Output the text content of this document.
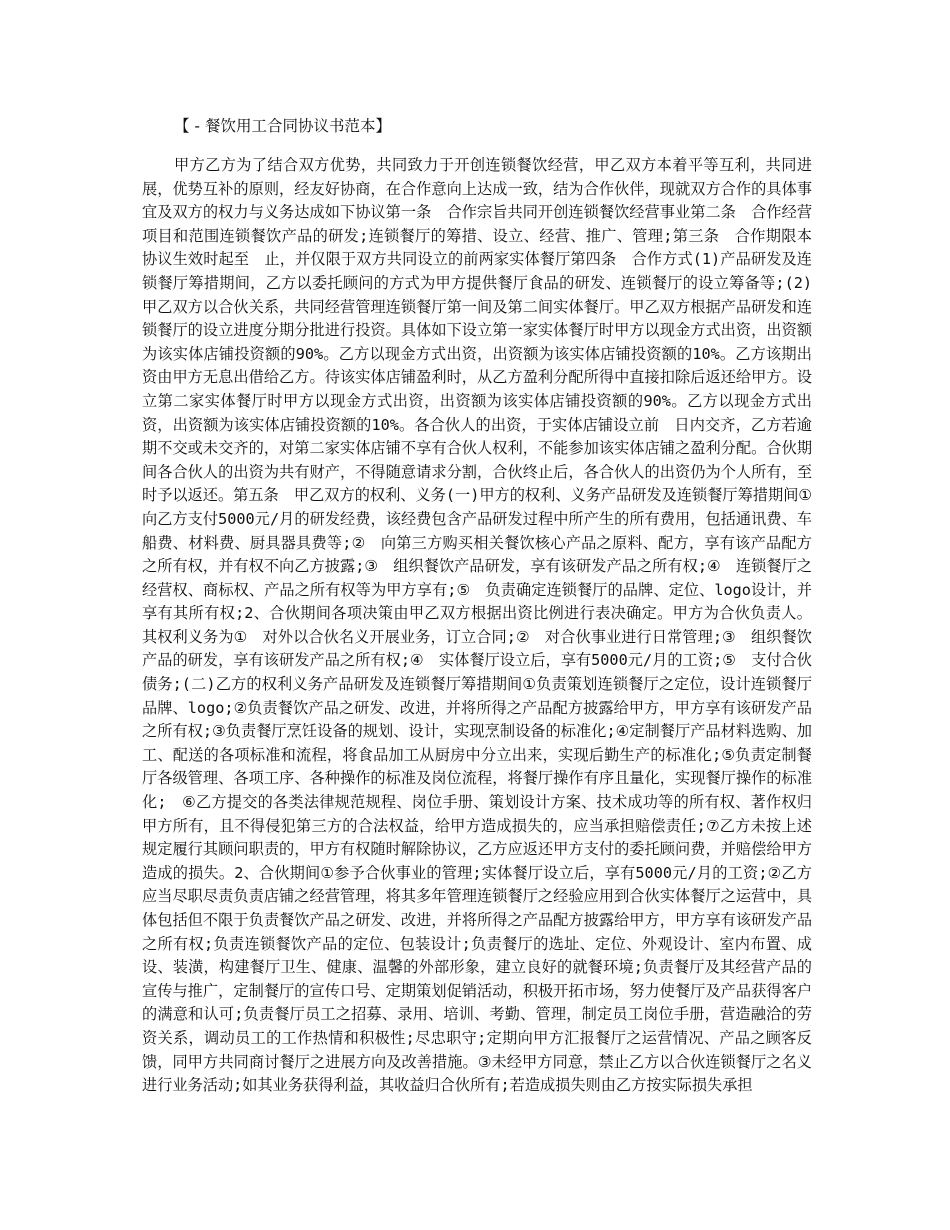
【 - 餐饮用工合同协议书范本】
甲方乙方为了结合双方优势，共同致力于开创连锁餐饮经营，甲乙双方本着平等互利，共同进展，优势互补的原则，经友好协商，在合作意向上达成一致，结为合作伙伴，现就双方合作的具体事宜及双方的权力与义务达成如下协议第一条　合作宗旨共同开创连锁餐饮经营事业第二条　合作经营项目和范围连锁餐饮产品的研发;连锁餐厅的筹措、设立、经营、推广、管理;第三条　合作期限本协议生效时起至　止，并仅限于双方共同设立的前两家实体餐厅第四条　合作方式(1)产品研发及连锁餐厅筹措期间，乙方以委托顾问的方式为甲方提供餐厅食品的研发、连锁餐厅的设立筹备等;(2)甲乙双方以合伙关系，共同经营管理连锁餐厅第一间及第二间实体餐厅。甲乙双方根据产品研发和连锁餐厅的设立进度分期分批进行投资。具体如下设立第一家实体餐厅时甲方以现金方式出资，出资额为该实体店铺投资额的90%。乙方以现金方式出资，出资额为该实体店铺投资额的10%。乙方该期出资由甲方无息出借给乙方。待该实体店铺盈利时，从乙方盈利分配所得中直接扣除后返还给甲方。设立第二家实体餐厅时甲方以现金方式出资，出资额为该实体店铺投资额的90%。乙方以现金方式出资，出资额为该实体店铺投资额的10%。各合伙人的出资，于实体店铺设立前　日内交齐，乙方若逾期不交或未交齐的，对第二家实体店铺不享有合伙人权利，不能参加该实体店铺之盈利分配。合伙期间各合伙人的出资为共有财产，不得随意请求分割，合伙终止后，各合伙人的出资仍为个人所有，至时予以返还。第五条　甲乙双方的权利、义务(一)甲方的权利、义务产品研发及连锁餐厅筹措期间①　向乙方支付5000元/月的研发经费，该经费包含产品研发过程中所产生的所有费用，包括通讯费、车船费、材料费、厨具器具费等;②　向第三方购买相关餐饮核心产品之原料、配方，享有该产品配方之所有权，并有权不向乙方披露;③　组织餐饮产品研发，享有该研发产品之所有权;④　连锁餐厅之经营权、商标权、产品之所有权等为甲方享有;⑤　负责确定连锁餐厅的品牌、定位、logo设计，并享有其所有权;2、合伙期间各项决策由甲乙双方根据出资比例进行表决确定。甲方为合伙负责人。其权利义务为①　对外以合伙名义开展业务，订立合同;②　对合伙事业进行日常管理;③　组织餐饮产品的研发，享有该研发产品之所有权;④　实体餐厅设立后，享有5000元/月的工资;⑤　支付合伙债务;(二)乙方的权利义务产品研发及连锁餐厅筹措期间①负责策划连锁餐厅之定位，设计连锁餐厅品牌、logo;②负责餐饮产品之研发、改进，并将所得之产品配方披露给甲方，甲方享有该研发产品之所有权;③负责餐厅烹饪设备的规划、设计，实现烹制设备的标准化;④定制餐厅产品材料选购、加工、配送的各项标准和流程，将食品加工从厨房中分立出来，实现后勤生产的标准化;⑤负责定制餐厅各级管理、各项工序、各种操作的标准及岗位流程，将餐厅操作有序且量化，实现餐厅操作的标准化;　⑥乙方提交的各类法律规范规程、岗位手册、策划设计方案、技术成功等的所有权、著作权归甲方所有，且不得侵犯第三方的合法权益，给甲方造成损失的，应当承担赔偿责任;⑦乙方未按上述规定履行其顾问职责的，甲方有权随时解除协议，乙方应返还甲方支付的委托顾问费，并赔偿给甲方造成的损失。2、合伙期间①参予合伙事业的管理;实体餐厅设立后，享有5000元/月的工资;②乙方应当尽职尽责负责店铺之经营管理，将其多年管理连锁餐厅之经验应用到合伙实体餐厅之运营中，具体包括但不限于负责餐饮产品之研发、改进，并将所得之产品配方披露给甲方，甲方享有该研发产品之所有权;负责连锁餐饮产品的定位、包装设计;负责餐厅的选址、定位、外观设计、室内布置、成设、装潢，构建餐厅卫生、健康、温馨的外部形象，建立良好的就餐环境;负责餐厅及其经营产品的宣传与推广，定制餐厅的宣传口号、定期策划促销活动，积极开拓市场，努力使餐厅及产品获得客户的满意和认可;负责餐厅员工之招募、录用、培训、考勤、管理，制定员工岗位手册，营造融洽的劳资关系，调动员工的工作热情和积极性;尽忠职守;定期向甲方汇报餐厅之运营情况、产品之顾客反馈，同甲方共同商讨餐厅之进展方向及改善措施。③未经甲方同意，禁止乙方以合伙连锁餐厅之名义进行业务活动;如其业务获得利益，其收益归合伙所有;若造成损失则由乙方按实际损失承担
